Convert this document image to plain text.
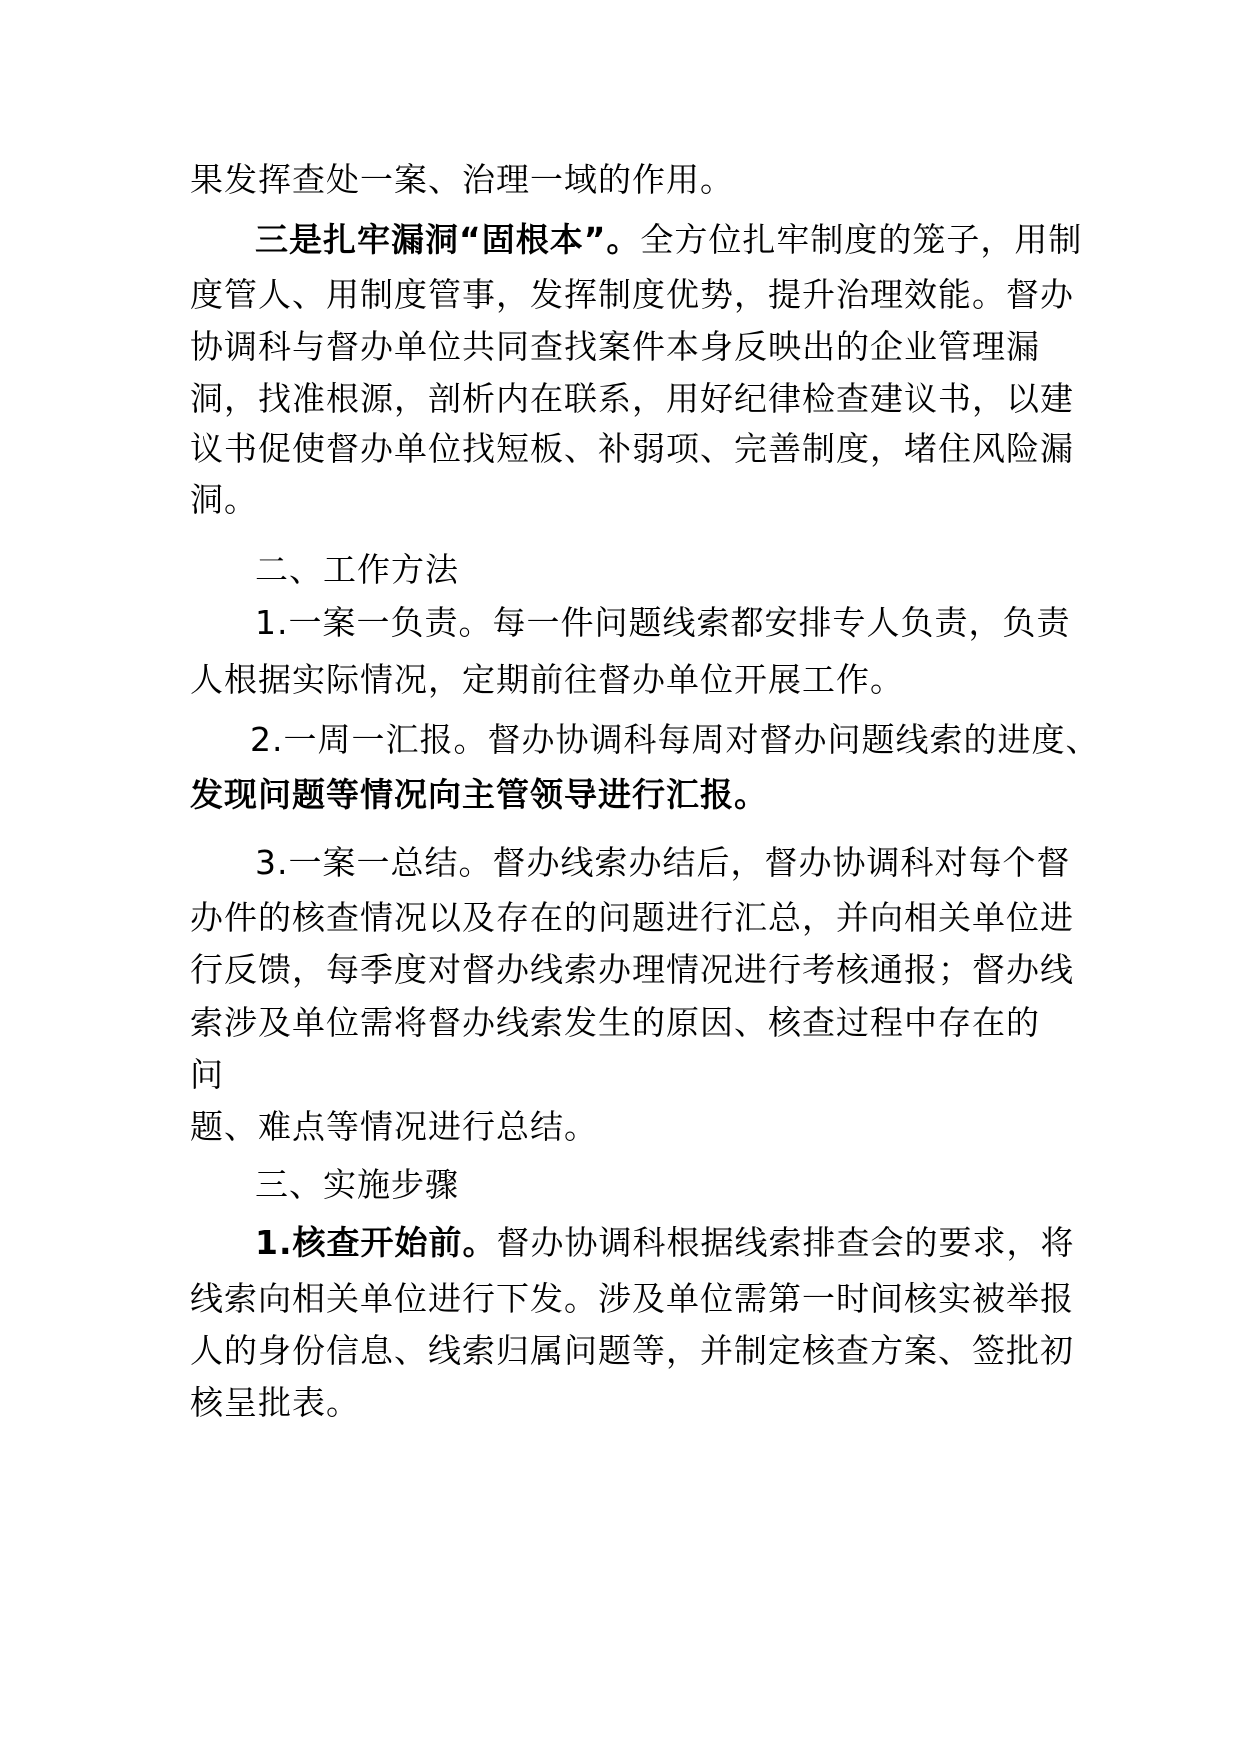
果发挥查处一案、治理一域的作用。
三是扎牢漏洞“固根本”。全方位扎牢制度的笼子，用制
度管人、用制度管事，发挥制度优势，提升治理效能。督办
协调科与督办单位共同查找案件本身反映出的企业管理漏
洞，找准根源，剖析内在联系，用好纪律检查建议书，以建
议书促使督办单位找短板、补弱项、完善制度，堵住风险漏
洞。
二、工作方法
1.一案一负责。每一件问题线索都安排专人负责，负责
人根据实际情况，定期前往督办单位开展工作。
2.一周一汇报。督办协调科每周对督办问题线索的进度、
发现问题等情况向主管领导进行汇报。
3.一案一总结。督办线索办结后，督办协调科对每个督
办件的核查情况以及存在的问题进行汇总，并向相关单位进
行反馈，每季度对督办线索办理情况进行考核通报；督办线
索涉及单位需将督办线索发生的原因、核查过程中存在的
问
题、难点等情况进行总结。
三、实施步骤
1.核查开始前。督办协调科根据线索排查会的要求，将
线索向相关单位进行下发。涉及单位需第一时间核实被举报
人的身份信息、线索归属问题等，并制定核查方案、签批初
核呈批表。
